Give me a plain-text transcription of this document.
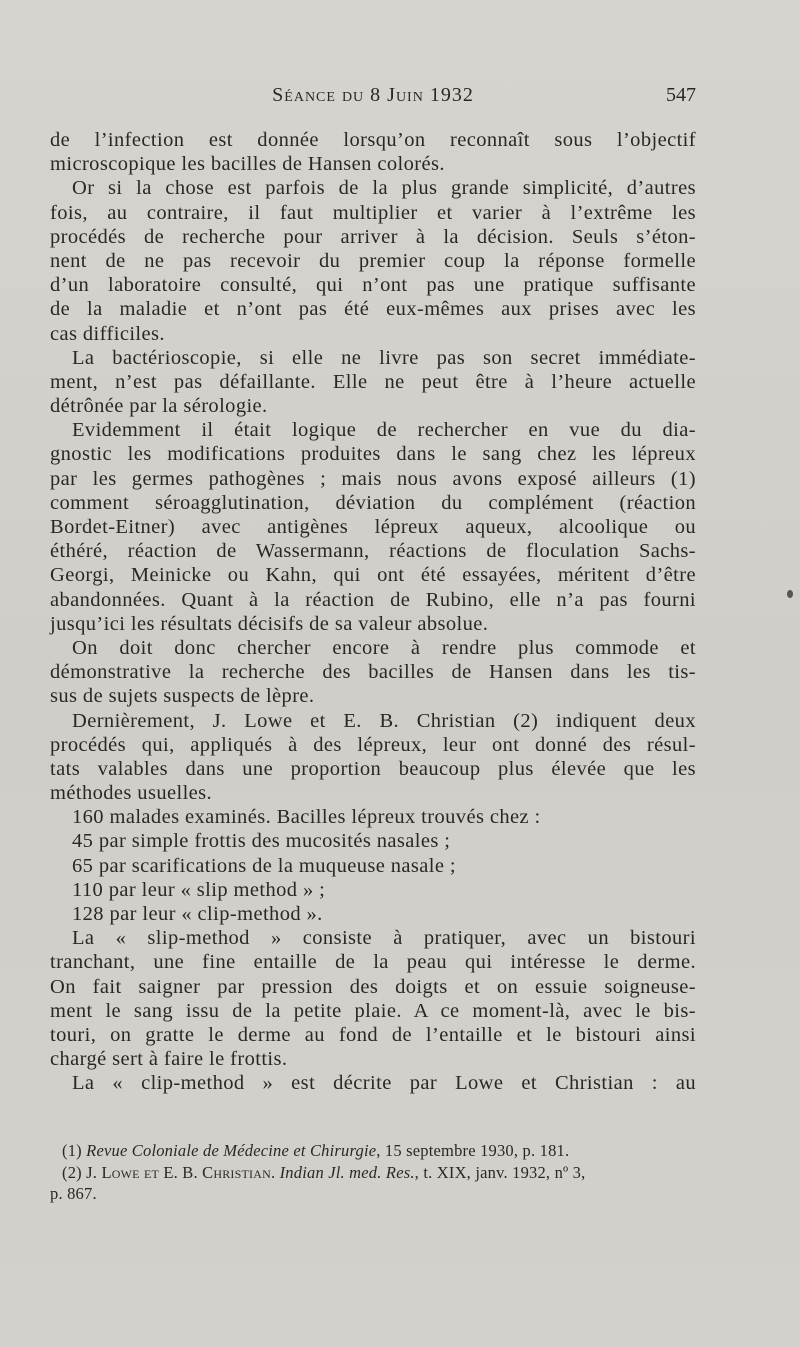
Séance du 8 Juin 1932	547
de l’infection est donnée lorsqu’on reconnaît sous l’objectif
microscopique les bacilles de Hansen colorés.
Or si la chose est parfois de la plus grande simplicité, d’autres
fois, au contraire, il faut multiplier et varier à l’extrême les
procédés de recherche pour arriver à la décision. Seuls s’éton-
nent de ne pas recevoir du premier coup la réponse formelle
d’un laboratoire consulté, qui n’ont pas une pratique suffisante
de la maladie et n’ont pas été eux-mêmes aux prises avec les
cas difficiles.
La bactérioscopie, si elle ne livre pas son secret immédiate-
ment, n’est pas défaillante. Elle ne peut être à l’heure actuelle
détrônée par la sérologie.
Evidemment il était logique de rechercher en vue du dia-
gnostic les modifications produites dans le sang chez les lépreux
par les germes pathogènes ; mais nous avons exposé ailleurs (1)
comment séroagglutination, déviation du complément (réaction
Bordet-Eitner) avec antigènes lépreux aqueux, alcoolique ou
éthéré, réaction de Wassermann, réactions de floculation Sachs-
Georgi, Meinicke ou Kahn, qui ont été essayées, méritent d’être
abandonnées. Quant à la réaction de Rubino, elle n’a pas fourni
jusqu’ici les résultats décisifs de sa valeur absolue.
On doit donc chercher encore à rendre plus commode et
démonstrative la recherche des bacilles de Hansen dans les tis-
sus de sujets suspects de lèpre.
Dernièrement, J. Lowe et E. B. Christian (2) indiquent deux
procédés qui, appliqués à des lépreux, leur ont donné des résul-
tats valables dans une proportion beaucoup plus élevée que les
méthodes usuelles.
160 malades examinés. Bacilles lépreux trouvés chez :
45 par simple frottis des mucosités nasales ;
65 par scarifications de la muqueuse nasale ;
110 par leur « slip method » ;
128 par leur « clip-method ».
La « slip-method » consiste à pratiquer, avec un bistouri
tranchant, une fine entaille de la peau qui intéresse le derme.
On fait saigner par pression des doigts et on essuie soigneuse-
ment le sang issu de la petite plaie. A ce moment-là, avec le bis-
touri, on gratte le derme au fond de l’entaille et le bistouri ainsi
chargé sert à faire le frottis.
La « clip-method » est décrite par Lowe et Christian : au
(1) Revue Coloniale de Médecine et Chirurgie, 15 septembre 1930, p. 181.
(2) J. Lowe et E. B. Christian. Indian Jl. med. Res., t. XIX, janv. 1932, nº 3,
p. 867.
